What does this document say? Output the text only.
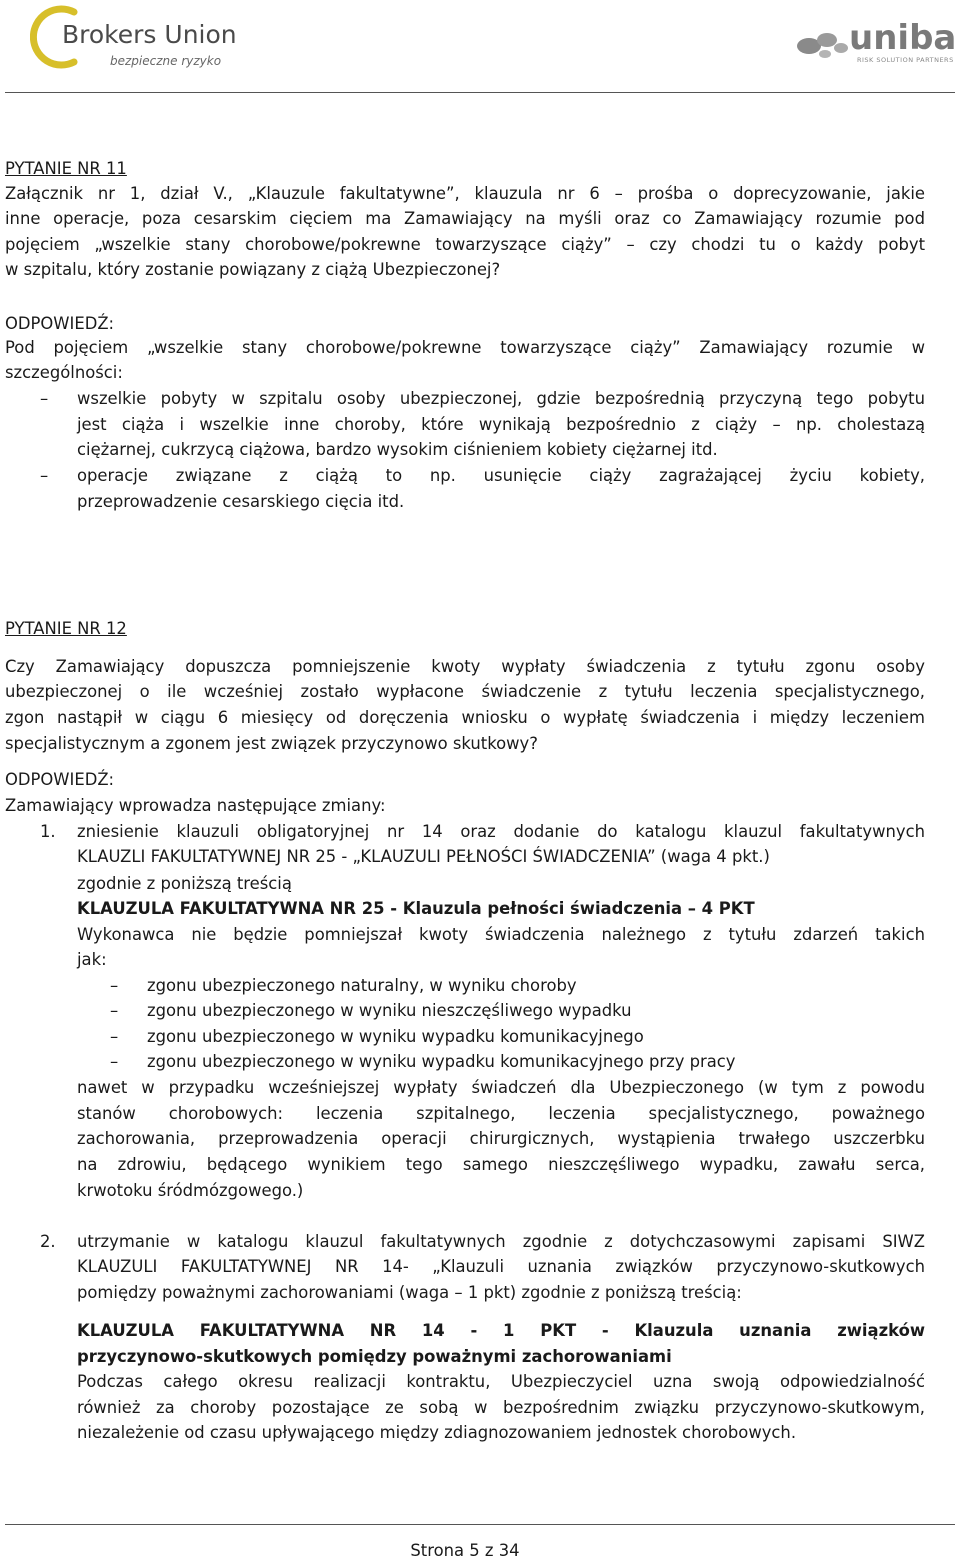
Brokers Union
bezpieczne ryzyko
uniba
RISK SOLUTION PARTNERS
PYTANIE NR 11
Załącznik nr 1, dział V., „Klauzule fakultatywne”, klauzula nr 6 – prośba o doprecyzowanie, jakie
inne operacje, poza cesarskim cięciem ma Zamawiający na myśli oraz co Zamawiający rozumie pod
pojęciem „wszelkie stany chorobowe/pokrewne towarzyszące ciąży” – czy chodzi tu o każdy pobyt
w szpitalu, który zostanie powiązany z ciążą Ubezpieczonej?
ODPOWIEDŹ:
Pod pojęciem „wszelkie stany chorobowe/pokrewne towarzyszące ciąży” Zamawiający rozumie w
szczególności:
– wszelkie pobyty w szpitalu osoby ubezpieczonej, gdzie bezpośrednią przyczyną tego pobytu
jest ciąża i wszelkie inne choroby, które wynikają bezpośrednio z ciąży – np. cholestazą
ciężarnej, cukrzycą ciążowa, bardzo wysokim ciśnieniem kobiety ciężarnej itd.
– operacje związane z ciążą to np. usunięcie ciąży zagrażającej życiu kobiety,
przeprowadzenie cesarskiego cięcia itd.
PYTANIE NR 12
Czy Zamawiający dopuszcza pomniejszenie kwoty wypłaty świadczenia z tytułu zgonu osoby
ubezpieczonej o ile wcześniej zostało wypłacone świadczenie z tytułu leczenia specjalistycznego,
zgon nastąpił w ciągu 6 miesięcy od doręczenia wniosku o wypłatę świadczenia i między leczeniem
specjalistycznym a zgonem jest związek przyczynowo skutkowy?
ODPOWIEDŹ:
Zamawiający wprowadza następujące zmiany:
1. zniesienie klauzuli obligatoryjnej nr 14 oraz dodanie do katalogu klauzul fakultatywnych
KLAUZLI FAKULTATYWNEJ NR 25 - „KLAUZULI PEŁNOŚCI ŚWIADCZENIA” (waga 4 pkt.)
zgodnie z poniższą treścią
KLAUZULA FAKULTATYWNA NR 25 - Klauzula pełności świadczenia – 4 PKT
Wykonawca nie będzie pomniejszał kwoty świadczenia należnego z tytułu zdarzeń takich
jak:
– zgonu ubezpieczonego naturalny, w wyniku choroby
– zgonu ubezpieczonego w wyniku nieszczęśliwego wypadku
– zgonu ubezpieczonego w wyniku wypadku komunikacyjnego
– zgonu ubezpieczonego w wyniku wypadku komunikacyjnego przy pracy
nawet w przypadku wcześniejszej wypłaty świadczeń dla Ubezpieczonego (w tym z powodu
stanów chorobowych: leczenia szpitalnego, leczenia specjalistycznego, poważnego
zachorowania, przeprowadzenia operacji chirurgicznych, wystąpienia trwałego uszczerbku
na zdrowiu, będącego wynikiem tego samego nieszczęśliwego wypadku, zawału serca,
krwotoku śródmózgowego.)
2. utrzymanie w katalogu klauzul fakultatywnych zgodnie z dotychczasowymi zapisami SIWZ
KLAUZULI FAKULTATYWNEJ NR 14- „Klauzuli uznania związków przyczynowo-skutkowych
pomiędzy poważnymi zachorowaniami (waga – 1 pkt) zgodnie z poniższą treścią:
KLAUZULA FAKULTATYWNA NR 14 - 1 PKT - Klauzula uznania związków
przyczynowo-skutkowych pomiędzy poważnymi zachorowaniami
Podczas całego okresu realizacji kontraktu, Ubezpieczyciel uzna swoją odpowiedzialność
również za choroby pozostające ze sobą w bezpośrednim związku przyczynowo-skutkowym,
niezależenie od czasu upływającego między zdiagnozowaniem jednostek chorobowych.
Strona 5 z 34
